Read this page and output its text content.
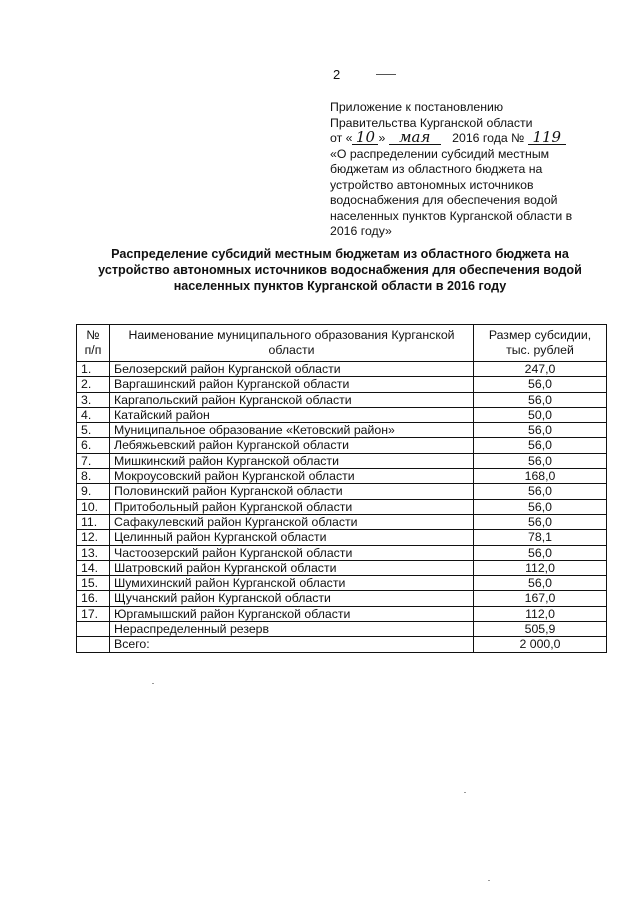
2
Приложение к постановлению
Правительства Курганской области
от « 10 » мая 2016 года № 119
«О распределении субсидий местным
бюджетам из областного бюджета на
устройство автономных источников
водоснабжения для обеспечения водой
населенных пунктов Курганской области в
2016 году»
Распределение субсидий местным бюджетам из областного бюджета на
устройство автономных источников водоснабжения для обеспечения водой
населенных пунктов Курганской области в 2016 году
№ п/п	Наименование муниципального образования Курганской области	Размер субсидии, тыс. рублей
1.	Белозерский район Курганской области	247,0
2.	Варгашинский район Курганской области	56,0
3.	Каргапольский район Курганской области	56,0
4.	Катайский район	50,0
5.	Муниципальное образование «Кетовский район»	56,0
6.	Лебяжьевский район Курганской области	56,0
7.	Мишкинский район Курганской области	56,0
8.	Мокроусовский район Курганской области	168,0
9.	Половинский район Курганской области	56,0
10.	Притобольный район Курганской области	56,0
11.	Сафакулевский район Курганской области	56,0
12.	Целинный район Курганской области	78,1
13.	Частоозерский район Курганской области	56,0
14.	Шатровский район Курганской области	112,0
15.	Шумихинский район Курганской области	56,0
16.	Щучанский район Курганской области	167,0
17.	Юргамышский район Курганской области	112,0
	Нераспределенный резерв	505,9
	Всего:	2 000,0
